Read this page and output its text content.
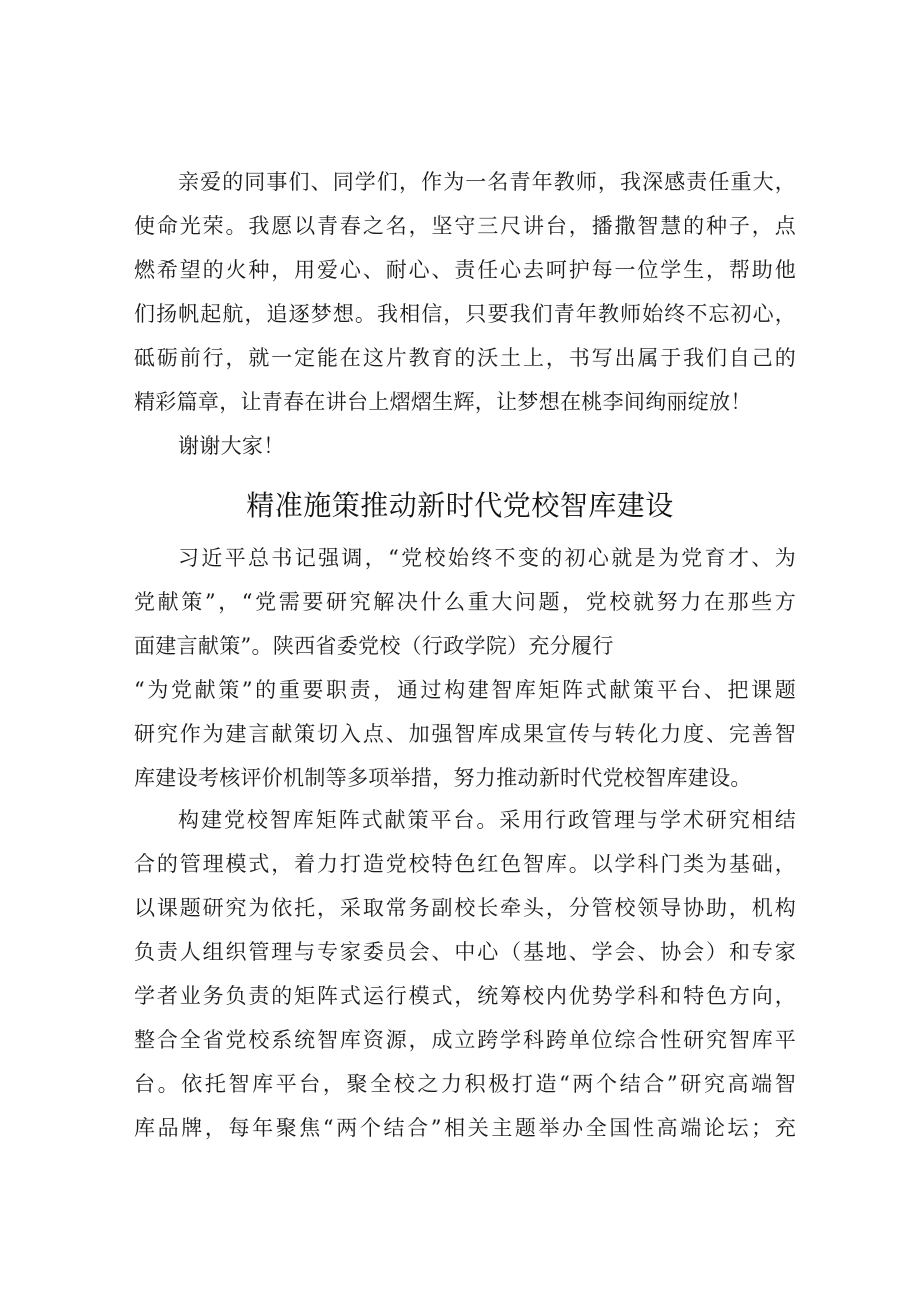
亲爱的同事们、同学们，作为一名青年教师，我深感责任重大，
使命光荣。我愿以青春之名，坚守三尺讲台，播撒智慧的种子，点
燃希望的火种，用爱心、耐心、责任心去呵护每一位学生，帮助他
们扬帆起航，追逐梦想。我相信，只要我们青年教师始终不忘初心，
砥砺前行，就一定能在这片教育的沃土上，书写出属于我们自己的
精彩篇章，让青春在讲台上熠熠生辉，让梦想在桃李间绚丽绽放！
谢谢大家！
精准施策推动新时代党校智库建设
习近平总书记强调，“党校始终不变的初心就是为党育才、为
党献策”，“党需要研究解决什么重大问题，党校就努力在那些方
面建言献策”。陕西省委党校（行政学院）充分履行
“为党献策”的重要职责，通过构建智库矩阵式献策平台、把课题
研究作为建言献策切入点、加强智库成果宣传与转化力度、完善智
库建设考核评价机制等多项举措，努力推动新时代党校智库建设。
构建党校智库矩阵式献策平台。采用行政管理与学术研究相结
合的管理模式，着力打造党校特色红色智库。以学科门类为基础，
以课题研究为依托，采取常务副校长牵头，分管校领导协助，机构
负责人组织管理与专家委员会、中心（基地、学会、协会）和专家
学者业务负责的矩阵式运行模式，统筹校内优势学科和特色方向，
整合全省党校系统智库资源，成立跨学科跨单位综合性研究智库平
台。依托智库平台，聚全校之力积极打造“两个结合”研究高端智
库品牌，每年聚焦“两个结合”相关主题举办全国性高端论坛；充
